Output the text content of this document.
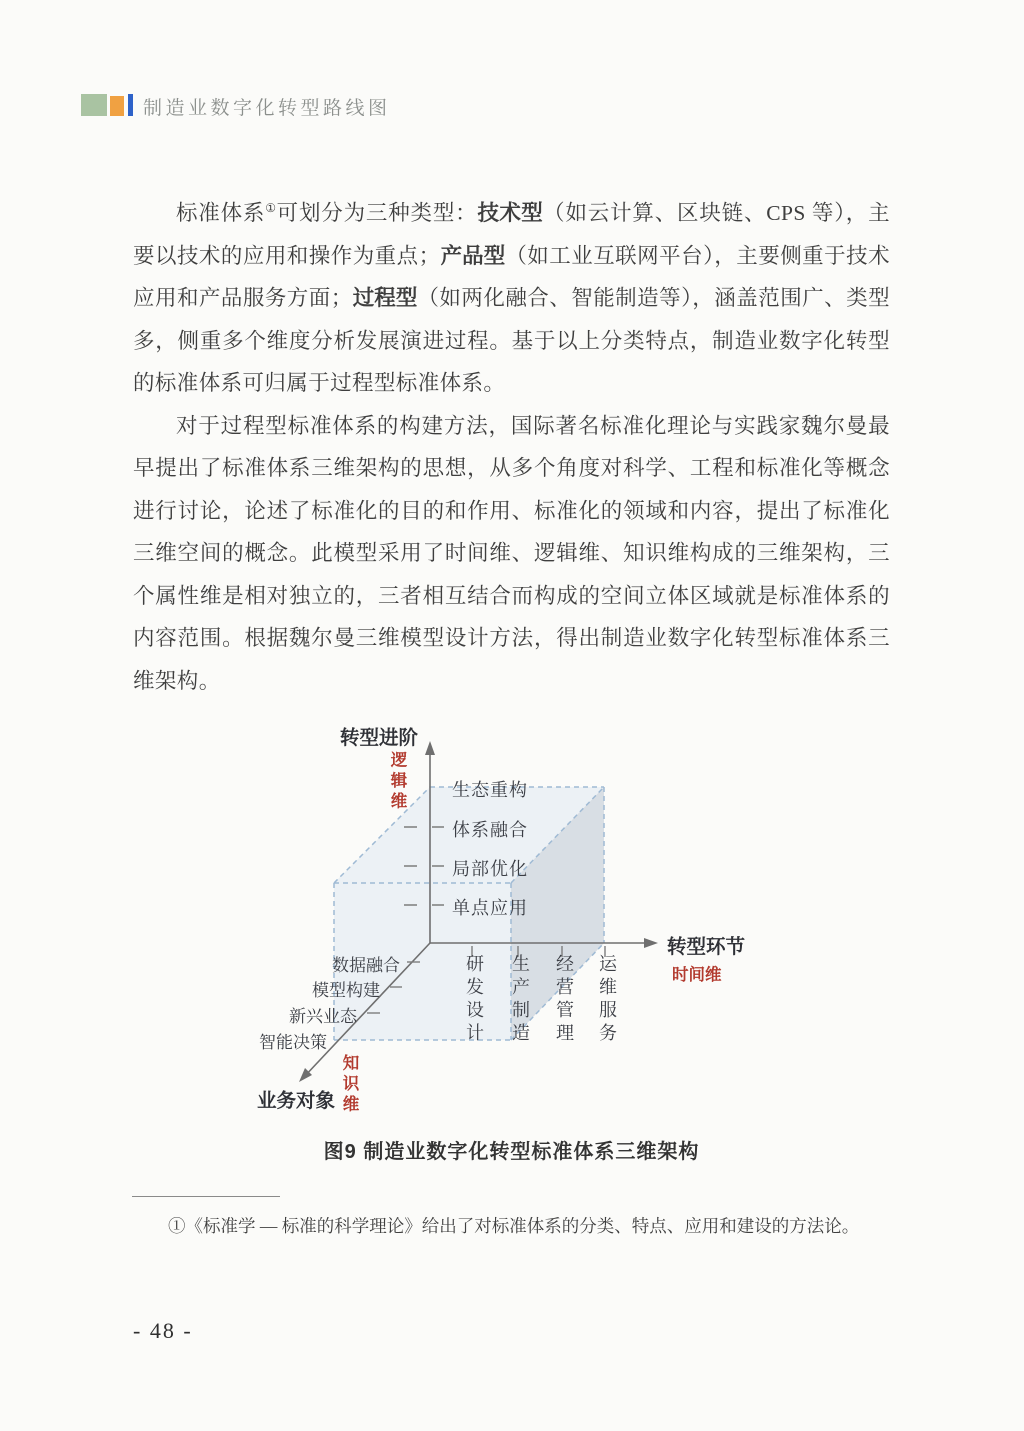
制造业数字化转型路线图

标准体系①可划分为三种类型：技术型（如云计算、区块链、CPS 等），主要以技术的应用和操作为重点；产品型（如工业互联网平台），主要侧重于技术应用和产品服务方面；过程型（如两化融合、智能制造等），涵盖范围广、类型多，侧重多个维度分析发展演进过程。基于以上分类特点，制造业数字化转型的标准体系可归属于过程型标准体系。

对于过程型标准体系的构建方法，国际著名标准化理论与实践家魏尔曼最早提出了标准体系三维架构的思想，从多个角度对科学、工程和标准化等概念进行讨论，论述了标准化的目的和作用、标准化的领域和内容，提出了标准化三维空间的概念。此模型采用了时间维、逻辑维、知识维构成的三维架构，三个属性维是相对独立的，三者相互结合而构成的空间立体区域就是标准体系的内容范围。根据魏尔曼三维模型设计方法，得出制造业数字化转型标准体系三维架构。

转型进阶
逻辑维
转型环节
时间维
业务对象 知识维
生态重构
体系融合
局部优化
单点应用
研发设计 生产制造 经营管理 运维服务
数据融合
模型构建
新兴业态
智能决策
图9 制造业数字化转型标准体系三维架构
①《标准学 — 标准的科学理论》给出了对标准体系的分类、特点、应用和建设的方法论。
- 48 -
